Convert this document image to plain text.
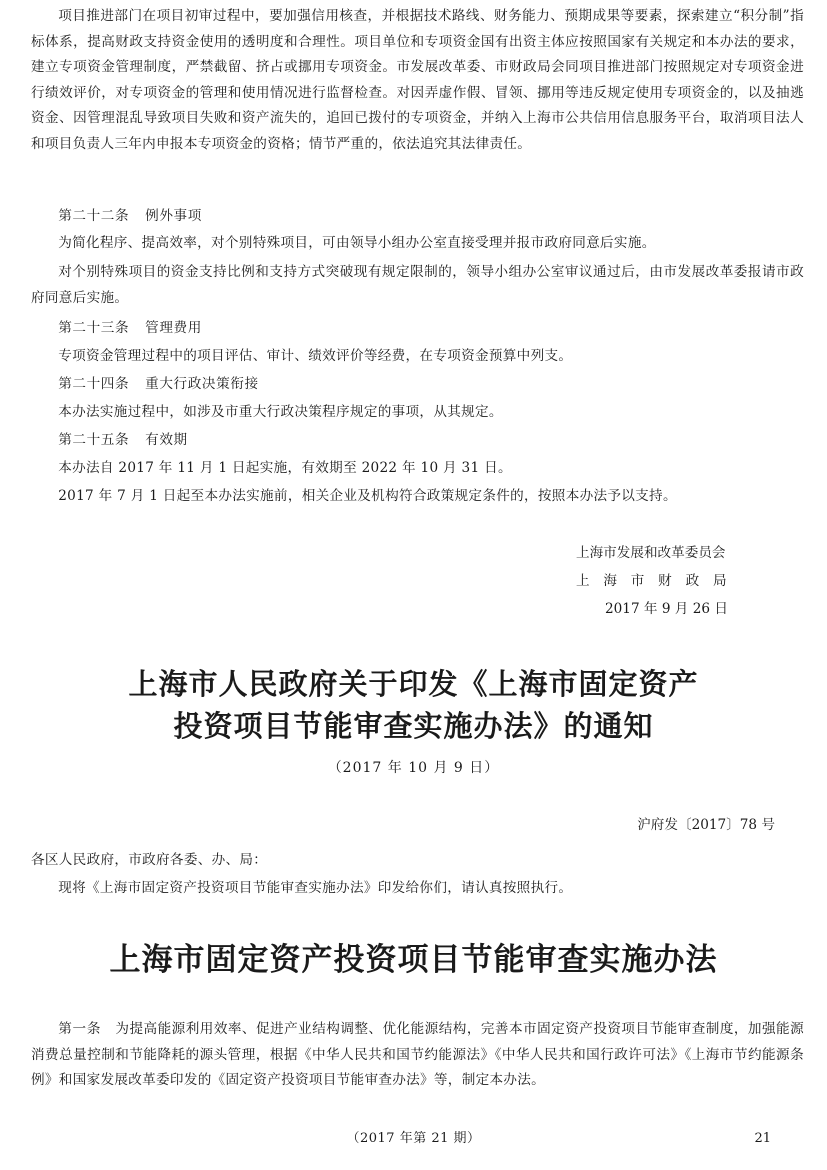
项目推进部门在项目初审过程中，要加强信用核查，并根据技术路线、财务能力、预期成果等要素，探索建立“积分制”指标体系，提高财政支持资金使用的透明度和合理性。项目单位和专项资金国有出资主体应按照国家有关规定和本办法的要求，建立专项资金管理制度，严禁截留、挤占或挪用专项资金。市发展改革委、市财政局会同项目推进部门按照规定对专项资金进行绩效评价，对专项资金的管理和使用情况进行监督检查。对因弄虚作假、冒领、挪用等违反规定使用专项资金的，以及抽逃资金、因管理混乱导致项目失败和资产流失的，追回已拨付的专项资金，并纳入上海市公共信用信息服务平台，取消项目法人和项目负责人三年内申报本专项资金的资格；情节严重的，依法追究其法律责任。

第二十二条 例外事项
为简化程序、提高效率，对个别特殊项目，可由领导小组办公室直接受理并报市政府同意后实施。

对个别特殊项目的资金支持比例和支持方式突破现有规定限制的，领导小组办公室审议通过后，由市发展改革委报请市政府同意后实施。

第二十三条 管理费用
专项资金管理过程中的项目评估、审计、绩效评价等经费，在专项资金预算中列支。
第二十四条 重大行政决策衔接
本办法实施过程中，如涉及市重大行政决策程序规定的事项，从其规定。
第二十五条 有效期
本办法自 2017 年 11 月 1 日起实施，有效期至 2022 年 10 月 31 日。
2017 年 7 月 1 日起至本办法实施前，相关企业及机构符合政策规定条件的，按照本办法予以支持。
上海市发展和改革委员会
上海市财政局
2017 年 9 月 26 日
上海市人民政府关于印发《上海市固定资产
投资项目节能审查实施办法》的通知
（2017 年 10 月 9 日）
沪府发〔2017〕78 号
各区人民政府，市政府各委、办、局：
现将《上海市固定资产投资项目节能审查实施办法》印发给你们，请认真按照执行。
上海市固定资产投资项目节能审查实施办法

第一条 为提高能源利用效率、促进产业结构调整、优化能源结构，完善本市固定资产投资项目节能审查制度，加强能源消费总量控制和节能降耗的源头管理，根据《中华人民共和国节约能源法》《中华人民共和国行政许可法》《上海市节约能源条例》和国家发展改革委印发的《固定资产投资项目节能审查办法》等，制定本办法。

（2017 年第 21 期）	21
